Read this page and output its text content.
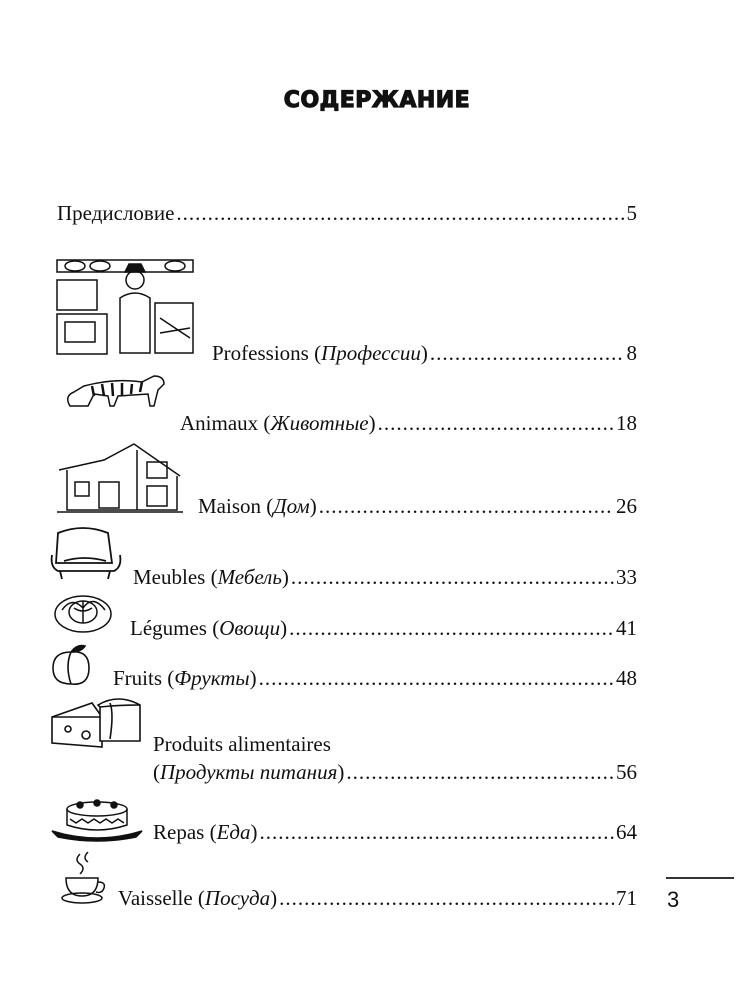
СОДЕРЖАНИЕ
Предисловие .....	5
Professions (Профессии) .....	8
Animaux (Животные) .....	18
Maison (Дом) .....	26
Meubles (Мебель) .....	33
Légumes (Овощи) .....	41
Fruits (Фрукты) .....	48
Produits alimentaires
(Продукты питания) .....	56
Repas (Еда) .....	64
Vaisselle (Посуда) .....	71 3
